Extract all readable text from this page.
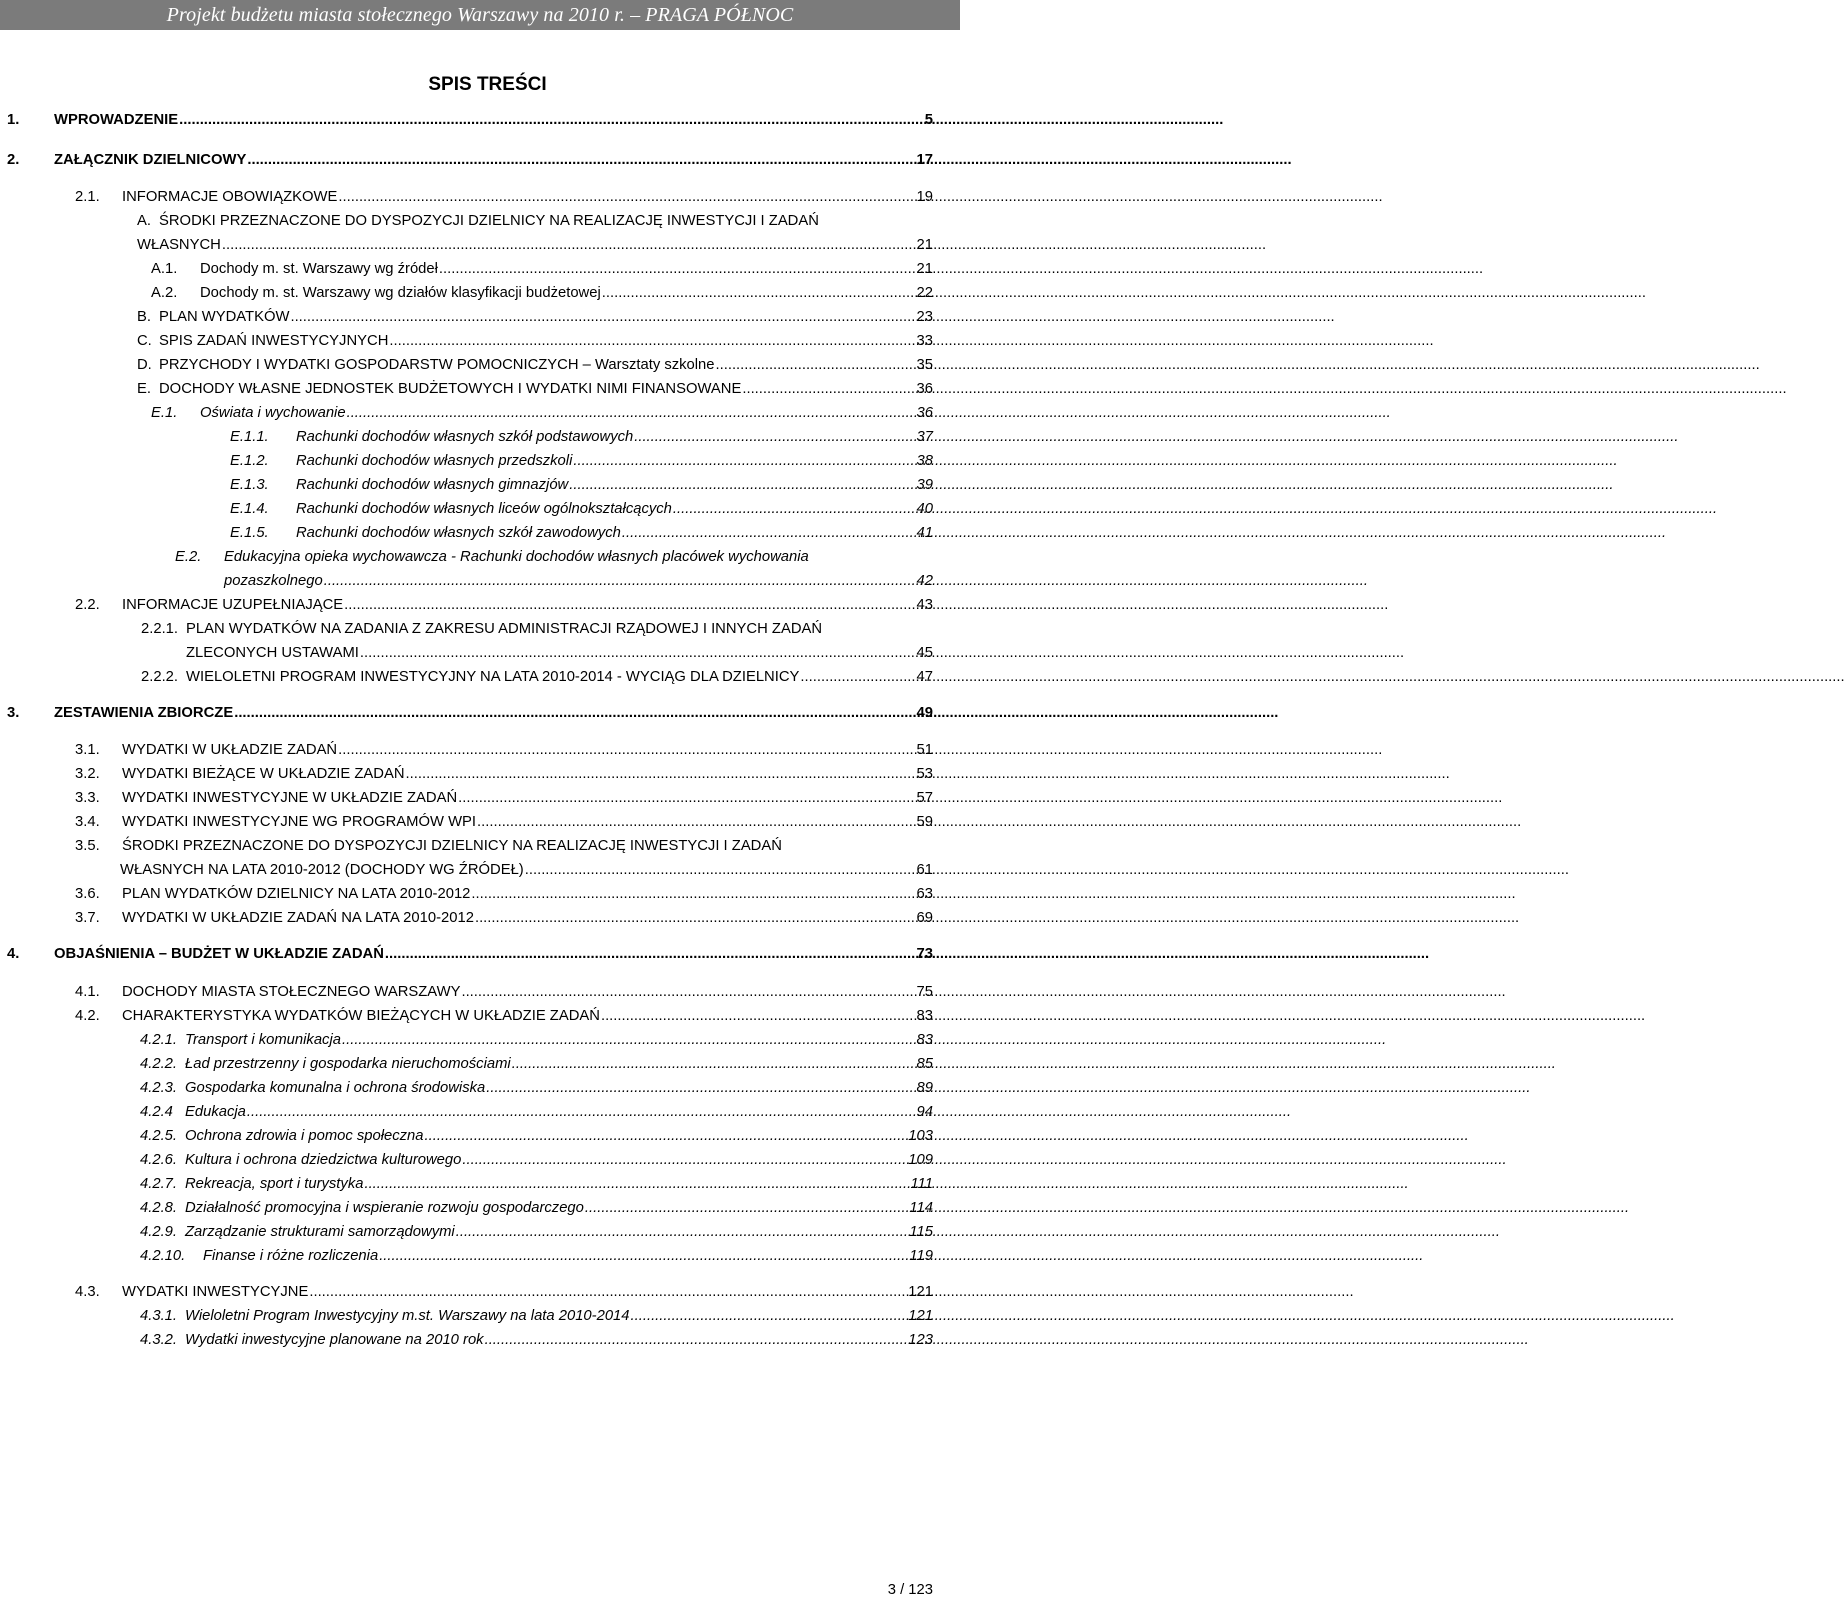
Projekt budżetu miasta stołecznego Warszawy na 2010 r. – PRAGA PÓŁNOC
SPIS TREŚCI
1.	WPROWADZENIE .....	5
2.	ZAŁĄCZNIK DZIELNICOWY .....	17
2.1.	INFORMACJE OBOWIĄZKOWE .....	19
A. ŚRODKI PRZEZNACZONE DO DYSPOZYCJI DZIELNICY NA REALIZACJĘ INWESTYCJI I ZADAŃ
WŁASNYCH .....	21
A.1.	Dochody m. st. Warszawy wg źródeł .....	21
A.2.	Dochody m. st. Warszawy wg działów klasyfikacji budżetowej .....	22
B. PLAN WYDATKÓW .....	23
C. SPIS ZADAŃ INWESTYCYJNYCH .....	33
D. PRZYCHODY I WYDATKI GOSPODARSTW POMOCNICZYCH – Warsztaty szkolne .....	35
E. DOCHODY WŁASNE JEDNOSTEK BUDŻETOWYCH I WYDATKI NIMI FINANSOWANE .....	36
E.1.	Oświata i wychowanie .....	36
E.1.1.	Rachunki dochodów własnych szkół podstawowych .....	37
E.1.2.	Rachunki dochodów własnych przedszkoli .....	38
E.1.3.	Rachunki dochodów własnych gimnazjów .....	39
E.1.4.	Rachunki dochodów własnych liceów ogólnokształcących .....	40
E.1.5.	Rachunki dochodów własnych szkół zawodowych .....	41
E.2.	Edukacyjna opieka wychowawcza - Rachunki dochodów własnych placówek wychowania
pozaszkolnego .....	42
2.2.	INFORMACJE UZUPEŁNIAJĄCE .....	43
2.2.1. PLAN WYDATKÓW NA ZADANIA Z ZAKRESU ADMINISTRACJI RZĄDOWEJ I INNYCH ZADAŃ
ZLECONYCH USTAWAMI .....	45
2.2.2. WIELOLETNI PROGRAM INWESTYCYJNY NA LATA 2010-2014 - WYCIĄG DLA DZIELNICY .....	47
3.	ZESTAWIENIA ZBIORCZE .....	49
3.1.	WYDATKI W UKŁADZIE ZADAŃ .....	51
3.2.	WYDATKI BIEŻĄCE W UKŁADZIE ZADAŃ .....	53
3.3.	WYDATKI INWESTYCYJNE W UKŁADZIE ZADAŃ .....	57
3.4.	WYDATKI INWESTYCYJNE WG PROGRAMÓW WPI .....	59
3.5.	ŚRODKI PRZEZNACZONE DO DYSPOZYCJI DZIELNICY NA REALIZACJĘ INWESTYCJI I ZADAŃ
WŁASNYCH NA LATA 2010-2012 (DOCHODY WG ŹRÓDEŁ) .....	61
3.6.	PLAN WYDATKÓW DZIELNICY NA LATA 2010-2012 .....	63
3.7.	WYDATKI W UKŁADZIE ZADAŃ NA LATA 2010-2012 .....	69
4.	OBJAŚNIENIA – BUDŻET W UKŁADZIE ZADAŃ .....	73
4.1.	DOCHODY MIASTA STOŁECZNEGO WARSZAWY .....	75
4.2.	CHARAKTERYSTYKA WYDATKÓW BIEŻĄCYCH W UKŁADZIE ZADAŃ .....	83
4.2.1. Transport i komunikacja .....	83
4.2.2. Ład przestrzenny i gospodarka nieruchomościami .....	85
4.2.3. Gospodarka komunalna i ochrona środowiska .....	89
4.2.4 Edukacja .....	94
4.2.5. Ochrona zdrowia i pomoc społeczna .....	103
4.2.6. Kultura i ochrona dziedzictwa kulturowego .....	109
4.2.7. Rekreacja, sport i turystyka .....	111
4.2.8. Działalność promocyjna i wspieranie rozwoju gospodarczego .....	114
4.2.9. Zarządzanie strukturami samorządowymi .....	115
4.2.10.	Finanse i różne rozliczenia .....	119
4.3.	WYDATKI INWESTYCYJNE .....	121
4.3.1. Wieloletni Program Inwestycyjny m.st. Warszawy na lata 2010-2014 .....	121
4.3.2. Wydatki inwestycyjne planowane na 2010 rok .....	123
3 / 123
